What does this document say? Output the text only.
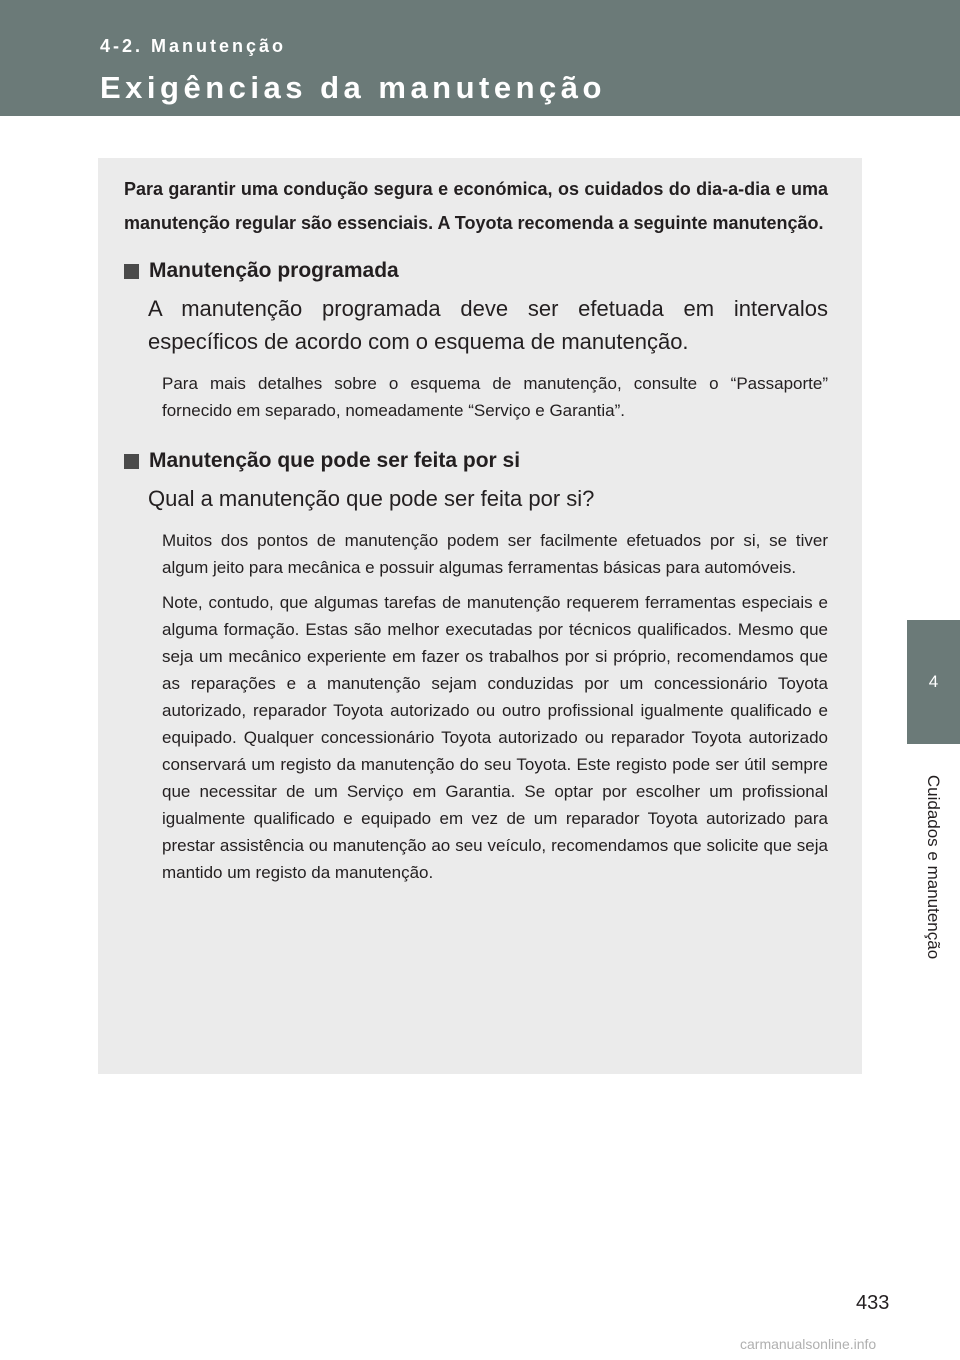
4-2. Manutenção
Exigências da manutenção

Para garantir uma condução segura e económica, os cuidados do dia-a-dia e uma manutenção regular são essenciais. A Toyota recomenda a seguinte manutenção.

Manutenção programada

A manutenção programada deve ser efetuada em intervalos específicos de acordo com o esquema de manutenção.

Para mais detalhes sobre o esquema de manutenção, consulte o “Passaporte” fornecido em separado, nomeadamente “Serviço e Garantia”.

Manutenção que pode ser feita por si

Qual a manutenção que pode ser feita por si?

Muitos dos pontos de manutenção podem ser facilmente efetuados por si, se tiver algum jeito para mecânica e possuir algumas ferramentas básicas para automóveis.

Note, contudo, que algumas tarefas de manutenção requerem ferramentas especiais e alguma formação. Estas são melhor executadas por técnicos qualificados. Mesmo que seja um mecânico experiente em fazer os trabalhos por si próprio, recomendamos que as reparações e a manutenção sejam conduzidas por um concessionário Toyota autorizado, reparador Toyota autorizado ou outro profissional igualmente qualificado e equipado. Qualquer concessionário Toyota autorizado ou reparador Toyota autorizado conservará um registo da manutenção do seu Toyota. Este registo pode ser útil sempre que necessitar de um Serviço em Garantia. Se optar por escolher um profissional igualmente qualificado e equipado em vez de um reparador Toyota autorizado para prestar assistência ou manutenção ao seu veículo, recomendamos que solicite que seja mantido um registo da manutenção.

4
Cuidados e manutenção
433
carmanualsonline.info
